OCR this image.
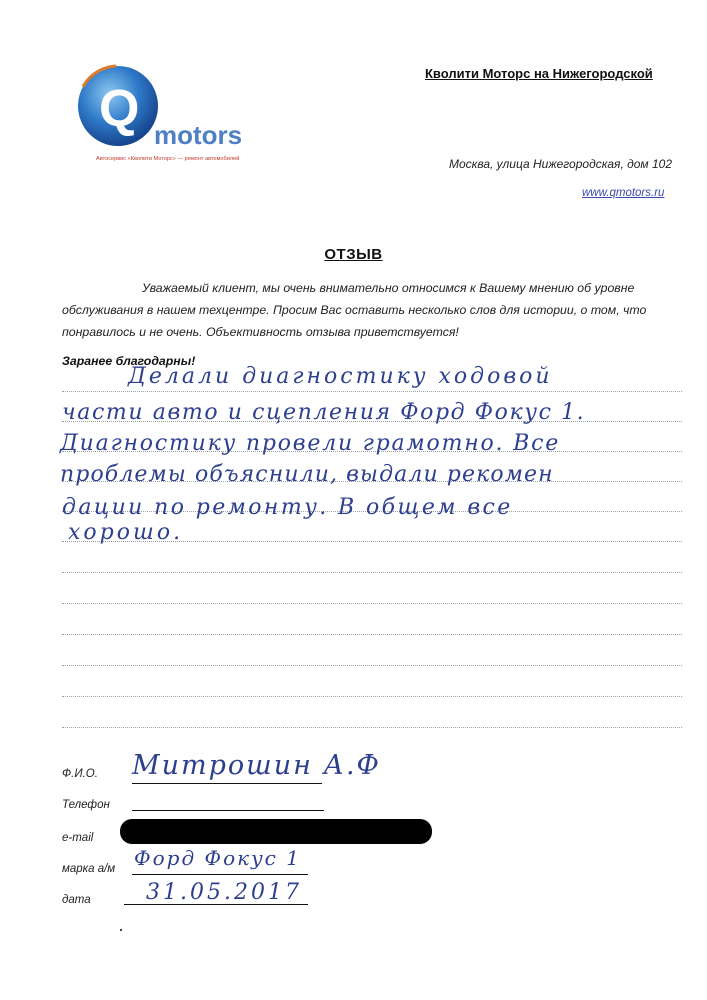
Q motors
Автосервис «Кволити Моторс» — ремонт автомобилей
Кволити Моторс на Нижегородской
Москва, улица Нижегородская, дом 102
www.qmotors.ru
ОТЗЫВ
Уважаемый клиент, мы очень внимательно относимся к Вашему мнению об уровне обслуживания в нашем техцентре. Просим Вас оставить несколько слов для истории, о том, что понравилось и не очень. Объективность отзыва приветствуется!
Заранее благодарны!
Делали диагностику ходовой
части авто и сцепления Форд Фокус 1.
Диагностику провели грамотно. Все
проблемы объяснили, выдали рекомен
дации по ремонту. В общем все
хорошо.
Ф.И.О. Митрошин А.Ф
Телефон
e-mail
марка а/м Форд Фокус 1
дата	31.05.2017
